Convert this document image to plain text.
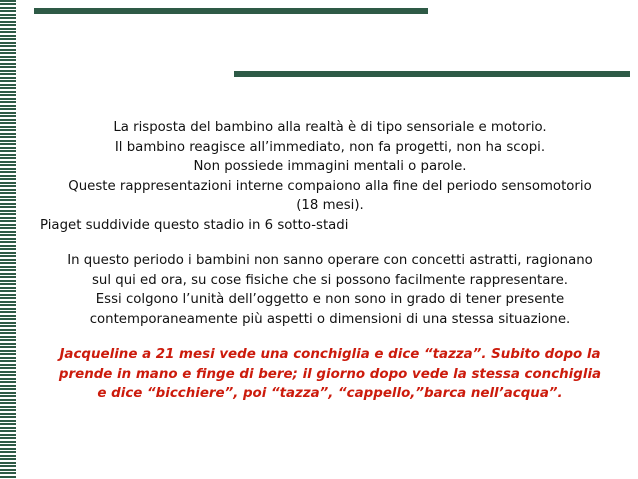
La risposta del bambino alla realtà è di tipo sensoriale e motorio.
Il bambino reagisce all’immediato, non fa progetti, non ha scopi.
Non possiede immagini mentali o parole.
Queste rappresentazioni interne compaiono alla fine del periodo sensomotorio
(18 mesi).
Piaget suddivide questo stadio in 6 sotto-stadi
In questo periodo i bambini non sanno operare con concetti astratti, ragionano
sul qui ed ora, su cose fisiche che si possono facilmente rappresentare.
Essi colgono l’unità dell’oggetto e non sono in grado di tener presente
contemporaneamente più aspetti o dimensioni di una stessa situazione.
Jacqueline a 21 mesi vede una conchiglia e dice “tazza”. Subito dopo la
prende in mano e finge di bere; il giorno dopo vede la stessa conchiglia
e dice “bicchiere”, poi “tazza”, “cappello,”barca nell’acqua”.
